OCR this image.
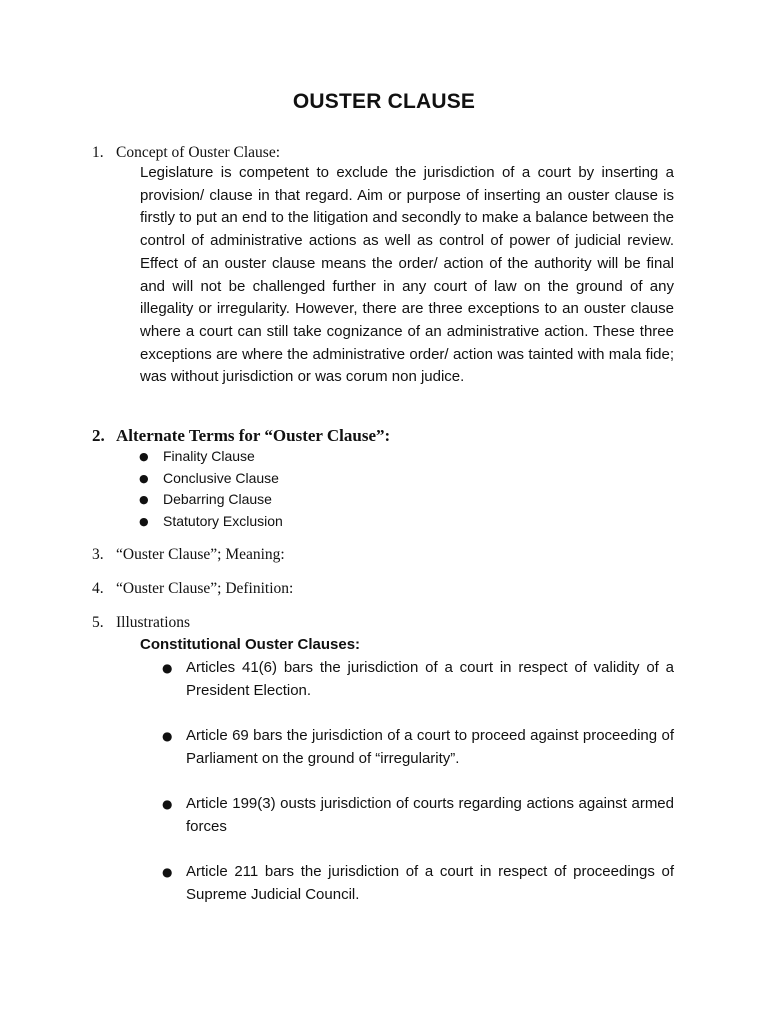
OUSTER CLAUSE
1. Concept of Ouster Clause:

Legislature is competent to exclude the jurisdiction of a court by inserting a provision/ clause in that regard. Aim or purpose of inserting an ouster clause is firstly to put an end to the litigation and secondly to make a balance between the control of administrative actions as well as control of power of judicial review. Effect of an ouster clause means the order/ action of the authority will be final and will not be challenged further in any court of law on the ground of any illegality or irregularity. However, there are three exceptions to an ouster clause where a court can still take cognizance of an administrative action. These three exceptions are where the administrative order/ action was tainted with mala fide; was without jurisdiction or was corum non judice.

2. Alternate Terms for “Ouster Clause”:
● Finality Clause
● Conclusive Clause
● Debarring Clause
● Statutory Exclusion
3. “Ouster Clause”; Meaning:
4. “Ouster Clause”; Definition:
5. Illustrations
Constitutional Ouster Clauses:
● Articles 41(6) bars the jurisdiction of a court in respect of validity of a President Election.
● Article 69 bars the jurisdiction of a court to proceed against proceeding of Parliament on the ground of “irregularity”.
● Article 199(3) ousts jurisdiction of courts regarding actions against armed forces
● Article 211 bars the jurisdiction of a court in respect of proceedings of Supreme Judicial Council.
